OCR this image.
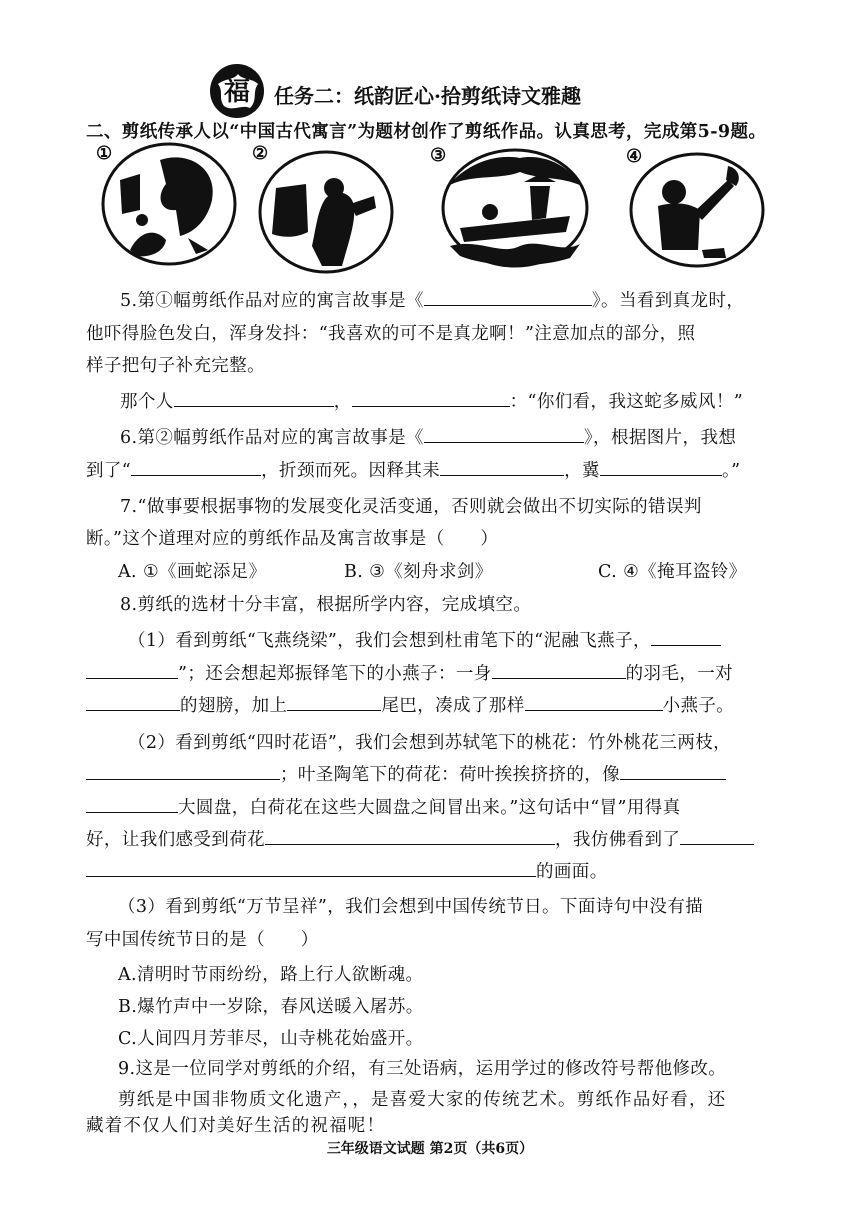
福 任务二：纸韵匠心·拾剪纸诗文雅趣
二、剪纸传承人以“中国古代寓言”为题材创作了剪纸作品。认真思考，完成第5-9题。
①	②	③	④
5.第①幅剪纸作品对应的寓言故事是《	》。当看到真龙时，
他吓得脸色发白，浑身发抖：“我喜欢的可不是真龙啊！”注意加点的部分，照
样子把句子补充完整。
那个人	，	：“你们看，我这蛇多威风！”
6.第②幅剪纸作品对应的寓言故事是《	》，根据图片，我想
到了“	，折颈而死。因释其耒	，冀	。”
7.“做事要根据事物的发展变化灵活变通，否则就会做出不切实际的错误判
断。”这个道理对应的剪纸作品及寓言故事是（　　）
A. ①《画蛇添足》	B. ③《刻舟求剑》	C. ④《掩耳盗铃》
8.剪纸的选材十分丰富，根据所学内容，完成填空。
（1）看到剪纸“飞燕绕梁”，我们会想到杜甫笔下的“泥融飞燕子，
”；还会想起郑振铎笔下的小燕子：一身	的羽毛，一对
的翅膀，加上	尾巴，凑成了那样	小燕子。
（2）看到剪纸“四时花语”，我们会想到苏轼笔下的桃花：竹外桃花三两枝，
；叶圣陶笔下的荷花：荷叶挨挨挤挤的，像
大圆盘，白荷花在这些大圆盘之间冒出来。”这句话中“冒”用得真
好，让我们感受到荷花	，我仿佛看到了
的画面。
（3）看到剪纸“万节呈祥”，我们会想到中国传统节日。下面诗句中没有描
写中国传统节日的是（　　）
A.清明时节雨纷纷，路上行人欲断魂。
B.爆竹声中一岁除，春风送暖入屠苏。
C.人间四月芳菲尽，山寺桃花始盛开。
9.这是一位同学对剪纸的介绍，有三处语病，运用学过的修改符号帮他修改。
剪纸是中国非物质文化遗产，，是喜爱大家的传统艺术。剪纸作品好看，还
藏着不仅人们对美好生活的祝福呢！
三年级语文试题 第2页（共6页）
